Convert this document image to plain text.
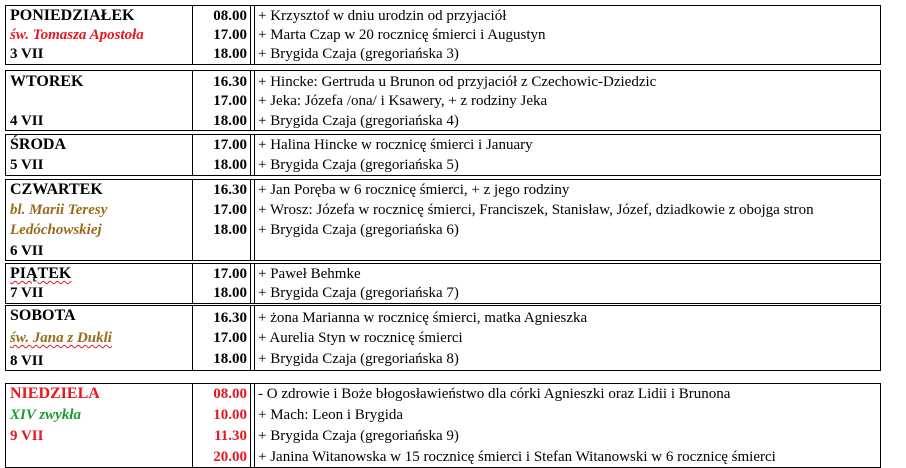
PONIEDZIAŁEK
św. Tomasza Apostoła
3 VII
08.00
17.00
18.00
+ Krzysztof w dniu urodzin od przyjaciół
+ Marta Czap w 20 rocznicę śmierci i Augustyn
+ Brygida Czaja (gregoriańska 3)
WTOREK
4 VII
16.30
17.00
18.00
+ Hincke: Gertruda u Brunon od przyjaciół z Czechowic-Dziedzic
+ Jeka: Józefa /ona/ i Ksawery, + z rodziny Jeka
+ Brygida Czaja (gregoriańska 4)
ŚRODA
5 VII
17.00
18.00
+ Halina Hincke w rocznicę śmierci i January
+ Brygida Czaja (gregoriańska 5)
CZWARTEK
bl. Marii Teresy
Ledóchowskiej
6 VII
16.30
17.00
18.00
+ Jan Poręba w 6 rocznicę śmierci, + z jego rodziny
+ Wrosz: Józefa w rocznicę śmierci, Franciszek, Stanisław, Józef, dziadkowie z obojga stron
+ Brygida Czaja (gregoriańska 6)
PIĄTEK
7 VII
17.00
18.00
+ Paweł Behmke
+ Brygida Czaja (gregoriańska 7)
SOBOTA
św. Jana z Dukli
8 VII
16.30
17.00
18.00
+ żona Marianna w rocznicę śmierci, matka Agnieszka
+ Aurelia Styn w rocznicę śmierci
+ Brygida Czaja (gregoriańska 8)
NIEDZIELA
XIV zwykła
9 VII
08.00
10.00
11.30
20.00
- O zdrowie i Boże błogosławieństwo dla córki Agnieszki oraz Lidii i Brunona
+ Mach: Leon i Brygida
+ Brygida Czaja (gregoriańska 9)
+ Janina Witanowska w 15 rocznicę śmierci i Stefan Witanowski w 6 rocznicę śmierci
